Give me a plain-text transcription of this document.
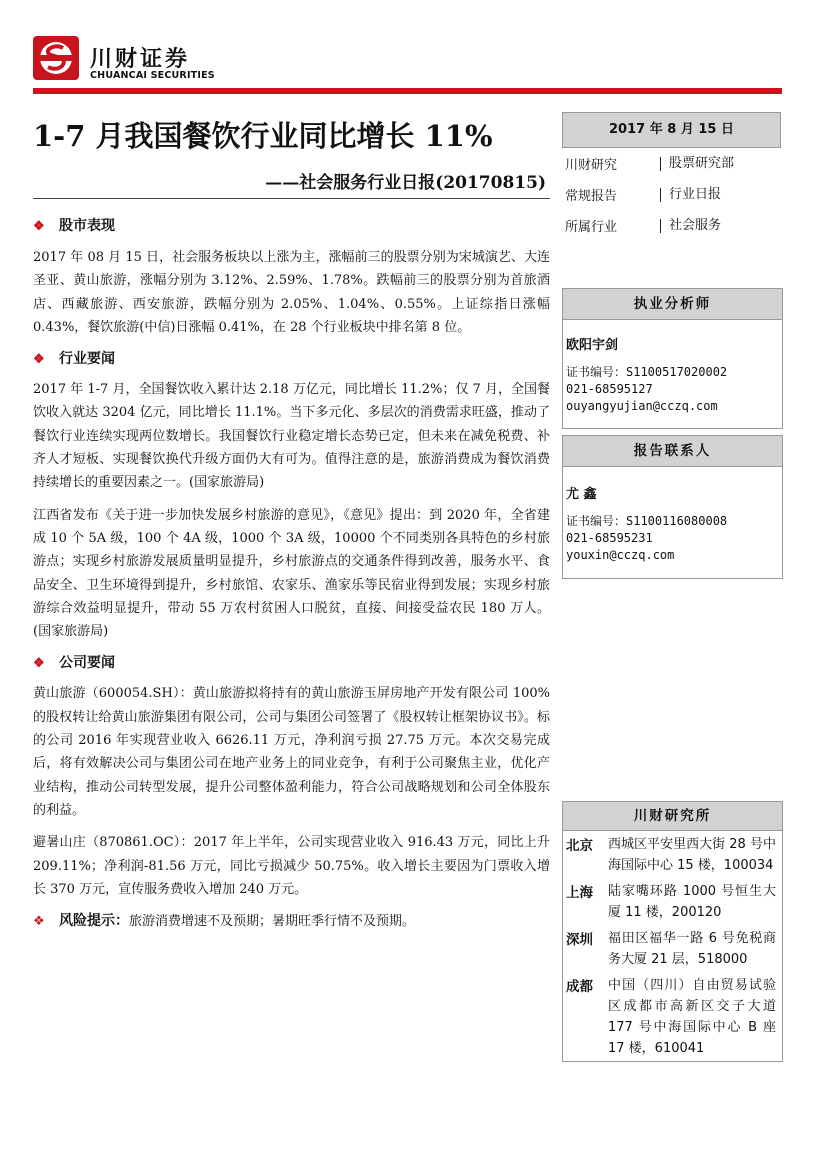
川财证券
CHUANCAI SECURITIES
1-7 月我国餐饮行业同比增长 11%
——社会服务行业日报(20170815)
❖ 股市表现

2017 年 08 月 15 日，社会服务板块以上涨为主，涨幅前三的股票分别为宋城演艺、大连圣亚、黄山旅游，涨幅分别为 3.12%、2.59%、1.78%。跌幅前三的股票分别为首旅酒店、西藏旅游、西安旅游，跌幅分别为 2.05%、1.04%、0.55%。上证综指日涨幅 0.43%，餐饮旅游(中信)日涨幅 0.41%，在 28 个行业板块中排名第 8 位。

❖ 行业要闻

2017 年 1-7 月，全国餐饮收入累计达 2.18 万亿元，同比增长 11.2%；仅 7 月，全国餐饮收入就达 3204 亿元，同比增长 11.1%。当下多元化、多层次的消费需求旺盛，推动了餐饮行业连续实现两位数增长。我国餐饮行业稳定增长态势已定，但未来在减免税费、补齐人才短板、实现餐饮换代升级方面仍大有可为。值得注意的是，旅游消费成为餐饮消费持续增长的重要因素之一。(国家旅游局)

江西省发布《关于进一步加快发展乡村旅游的意见》，《意见》提出：到 2020 年，全省建成 10 个 5A 级，100 个 4A 级，1000 个 3A 级，10000 个不同类别各具特色的乡村旅游点；实现乡村旅游发展质量明显提升，乡村旅游点的交通条件得到改善，服务水平、食品安全、卫生环境得到提升，乡村旅馆、农家乐、渔家乐等民宿业得到发展；实现乡村旅游综合效益明显提升，带动 55 万农村贫困人口脱贫，直接、间接受益农民 180 万人。(国家旅游局)

❖ 公司要闻

黄山旅游（600054.SH）：黄山旅游拟将持有的黄山旅游玉屏房地产开发有限公司 100%的股权转让给黄山旅游集团有限公司，公司与集团公司签署了《股权转让框架协议书》。标的公司 2016 年实现营业收入 6626.11 万元，净利润亏损 27.75 万元。本次交易完成后，将有效解决公司与集团公司在地产业务上的同业竞争，有利于公司聚焦主业，优化产业结构，推动公司转型发展，提升公司整体盈利能力，符合公司战略规划和公司全体股东的利益。

避暑山庄（870861.OC）：2017 年上半年，公司实现营业收入 916.43 万元，同比上升 209.11%；净利润-81.56 万元，同比亏损减少 50.75%。收入增长主要因为门票收入增长 370 万元，宣传服务费收入增加 240 万元。

❖ 风险提示： 旅游消费增速不及预期；暑期旺季行情不及预期。
2017 年 8 月 15 日
川财研究	股票研究部
常规报告	行业日报
所属行业	社会服务
执业分析师
欧阳宇剑
证书编号：S1100517020002
021-68595127
ouyangyujian@cczq.com
报告联系人
尤 鑫
证书编号：S1100116080008
021-68595231
youxin@cczq.com
川财研究所
北京	西城区平安里西大街 28 号中海国际中心 15 楼，100034
上海	陆家嘴环路 1000 号恒生大厦 11 楼，200120
深圳	福田区福华一路 6 号免税商务大厦 21 层，518000
成都	中国（四川）自由贸易试验区成都市高新区交子大道 177 号中海国际中心 B 座 17 楼，610041
